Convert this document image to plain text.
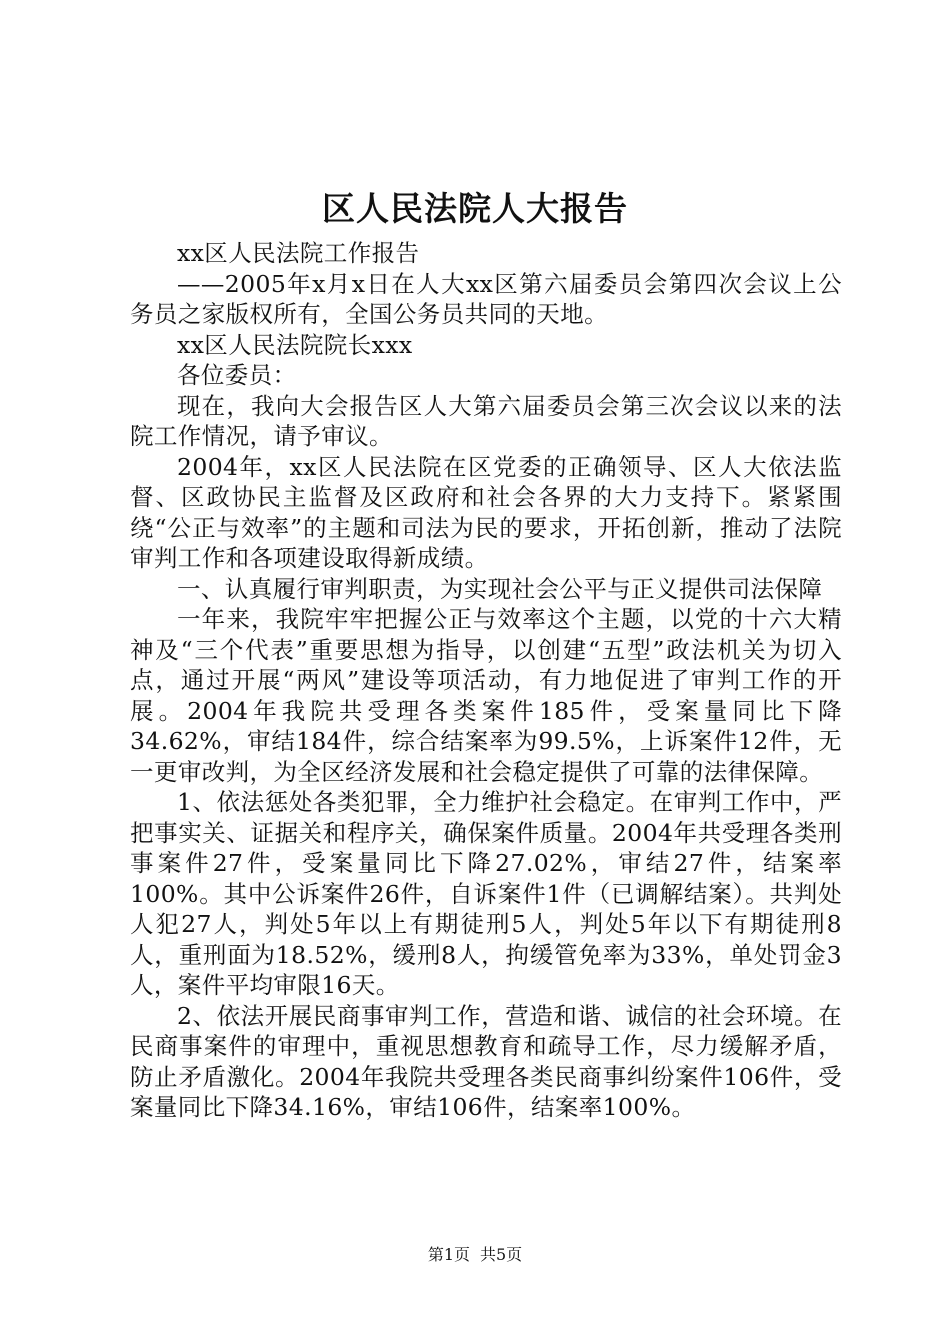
区人民法院人大报告

xx区人民法院工作报告

——2005年x月x日在人大xx区第六届委员会第四次会议上公务员之家版权所有，全国公务员共同的天地。

xx区人民法院院长xxx

各位委员：

现在，我向大会报告区人大第六届委员会第三次会议以来的法院工作情况，请予审议。

2004年，xx区人民法院在区党委的正确领导、区人大依法监督、区政协民主监督及区政府和社会各界的大力支持下。紧紧围绕“公正与效率”的主题和司法为民的要求，开拓创新，推动了法院审判工作和各项建设取得新成绩。

一、认真履行审判职责，为实现社会公平与正义提供司法保障

一年来，我院牢牢把握公正与效率这个主题，以党的十六大精神及“三个代表”重要思想为指导，以创建“五型”政法机关为切入点，通过开展“两风”建设等项活动，有力地促进了审判工作的开展。2004年我院共受理各类案件185件，受案量同比下降34.62%，审结184件，综合结案率为99.5%，上诉案件12件，无一更审改判，为全区经济发展和社会稳定提供了可靠的法律保障。

1、依法惩处各类犯罪，全力维护社会稳定。在审判工作中，严把事实关、证据关和程序关，确保案件质量。2004年共受理各类刑事案件27件，受案量同比下降27.02%，审结27件，结案率100%。其中公诉案件26件，自诉案件1件（已调解结案）。共判处人犯27人，判处5年以上有期徒刑5人，判处5年以下有期徒刑8人，重刑面为18.52%，缓刑8人，拘缓管免率为33%，单处罚金3人，案件平均审限16天。

2、依法开展民商事审判工作，营造和谐、诚信的社会环境。在民商事案件的审理中，重视思想教育和疏导工作，尽力缓解矛盾，防止矛盾激化。2004年我院共受理各类民商事纠纷案件106件，受案量同比下降34.16%，审结106件，结案率100%。

第1页 共5页
